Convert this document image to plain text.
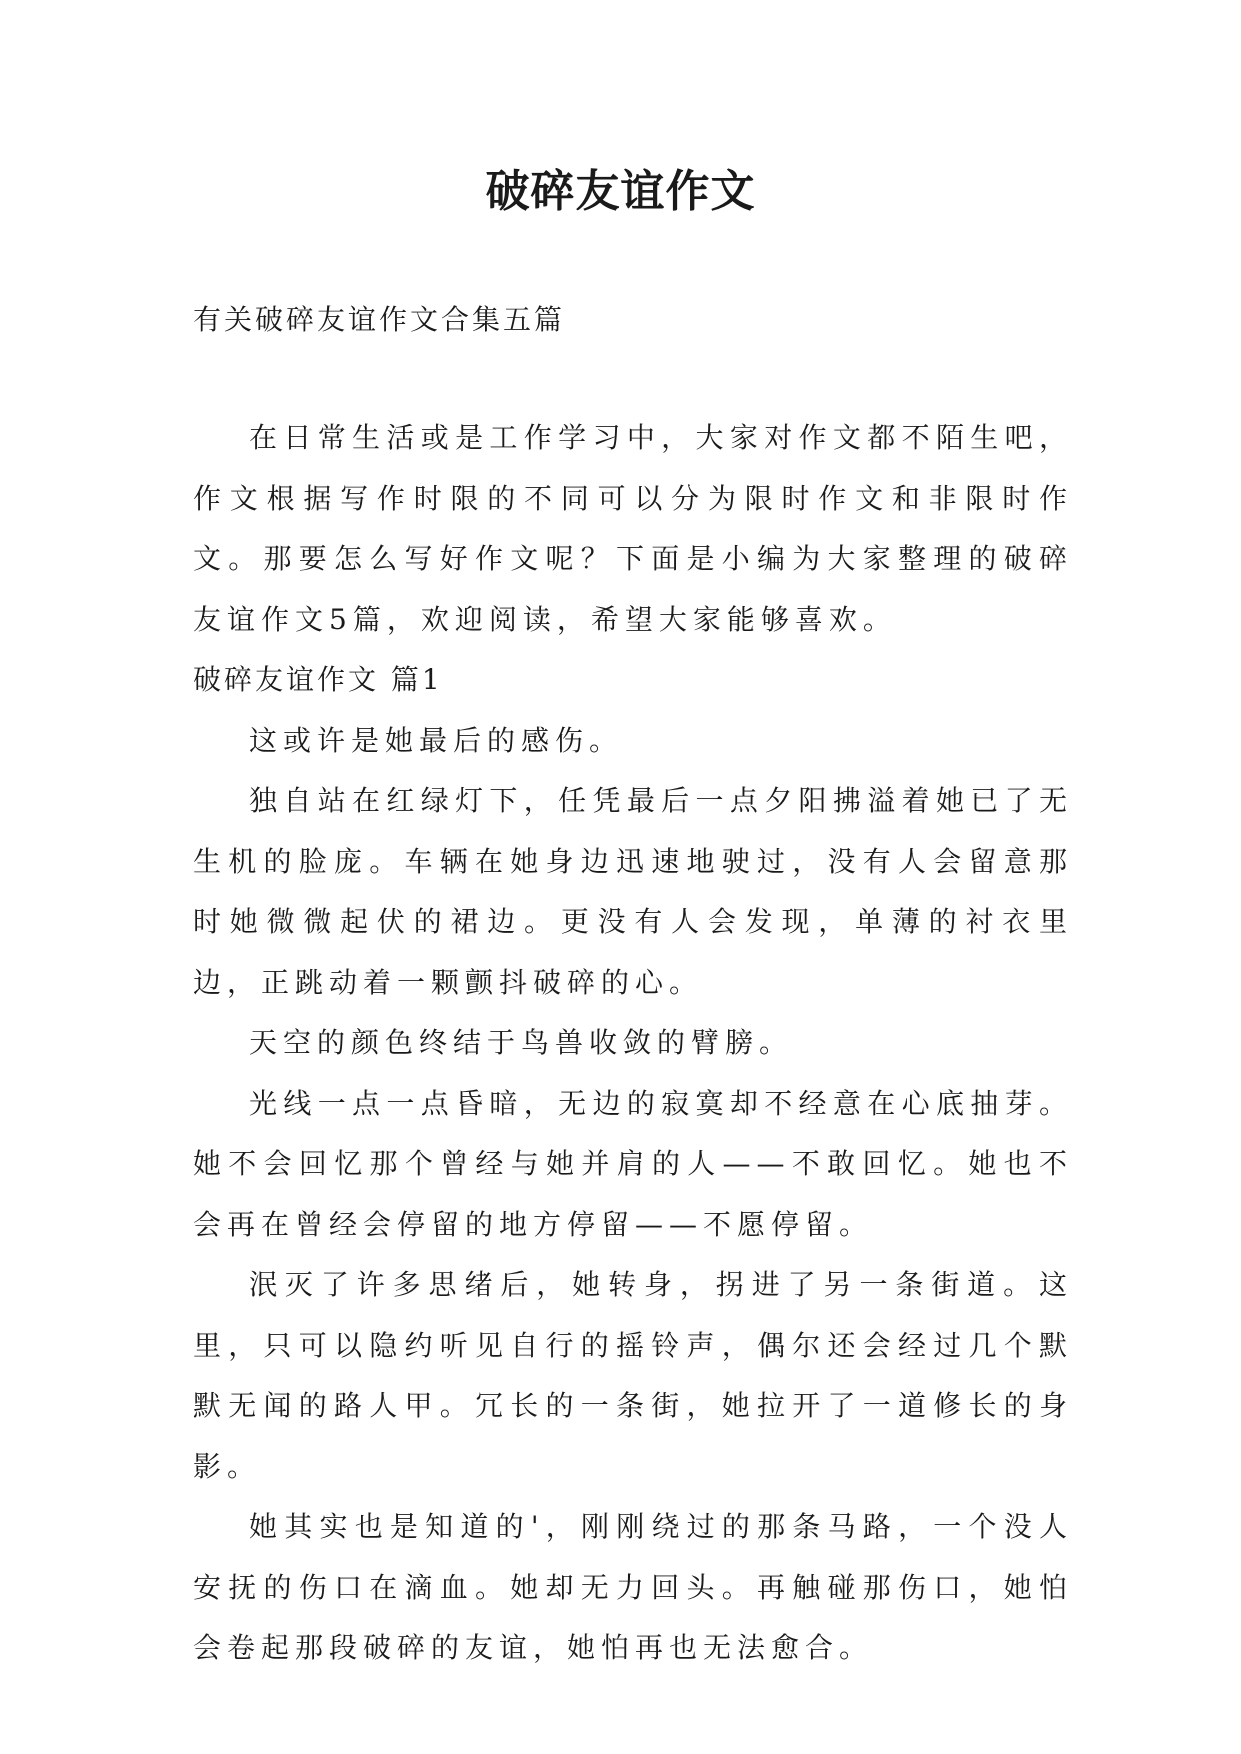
破碎友谊作文
有关破碎友谊作文合集五篇

在日常生活或是工作学习中，大家对作文都不陌生吧，作文根据写作时限的不同可以分为限时作文和非限时作文。那要怎么写好作文呢？下面是小编为大家整理的破碎友谊作文5篇，欢迎阅读，希望大家能够喜欢。

破碎友谊作文 篇1

这或许是她最后的感伤。

独自站在红绿灯下，任凭最后一点夕阳拂溢着她已了无生机的脸庞。车辆在她身边迅速地驶过，没有人会留意那时她微微起伏的裙边。更没有人会发现，单薄的衬衣里边，正跳动着一颗颤抖破碎的心。

天空的颜色终结于鸟兽收敛的臂膀。

光线一点一点昏暗，无边的寂寞却不经意在心底抽芽。她不会回忆那个曾经与她并肩的人——不敢回忆。她也不会再在曾经会停留的地方停留——不愿停留。

泯灭了许多思绪后，她转身，拐进了另一条街道。这里，只可以隐约听见自行的摇铃声，偶尔还会经过几个默默无闻的路人甲。冗长的一条街，她拉开了一道修长的身影。

她其实也是知道的'，刚刚绕过的那条马路，一个没人安抚的伤口在滴血。她却无力回头。再触碰那伤口，她怕会卷起那段破碎的友谊，她怕再也无法愈合。
